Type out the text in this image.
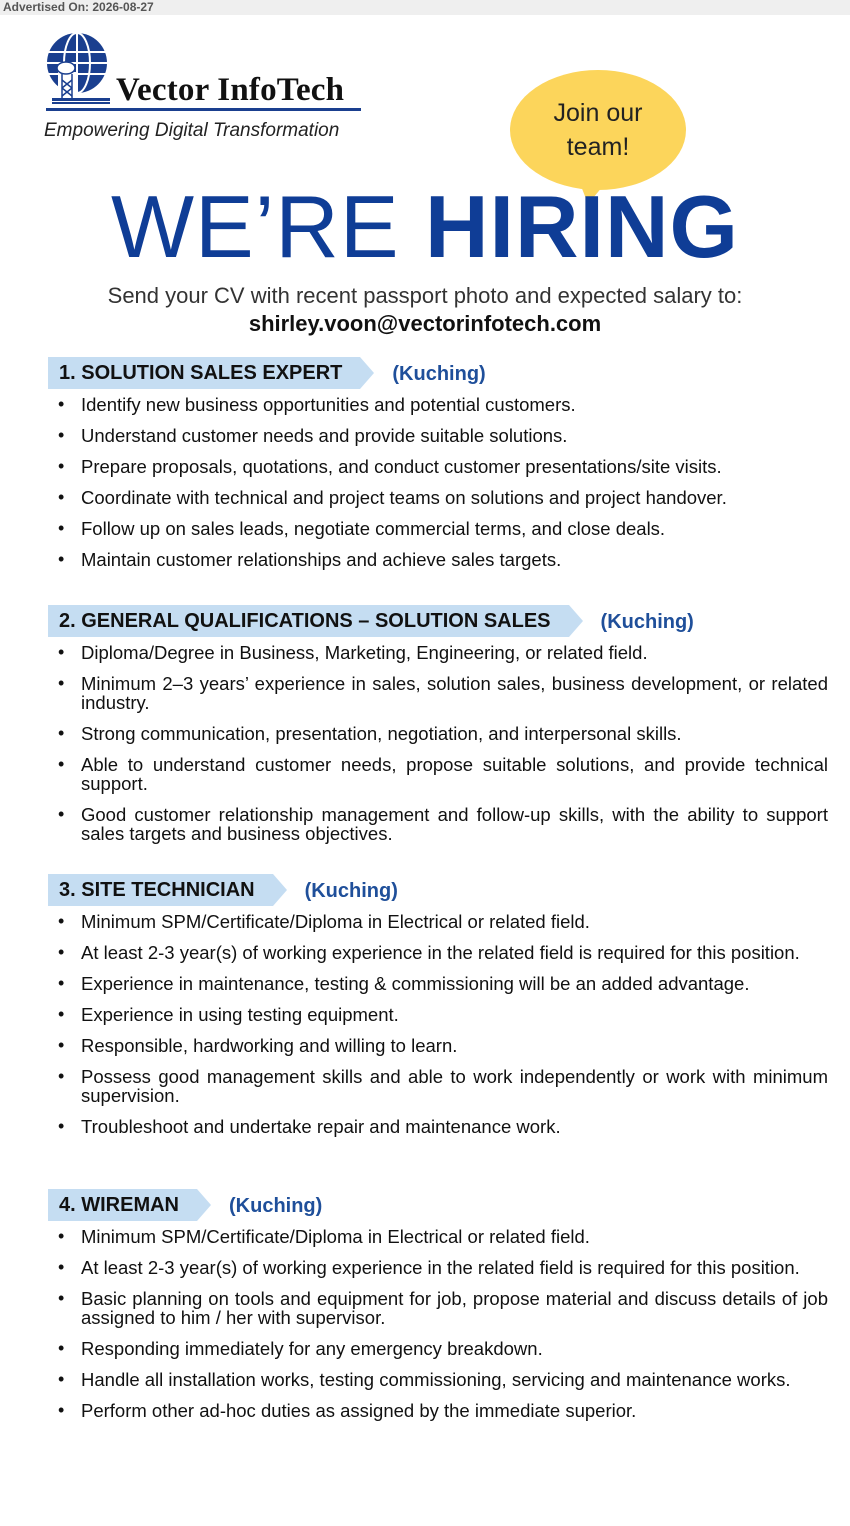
Advertised On: 2026-08-27
Vector InfoTech
Empowering Digital Transformation
Join our
team!
WE’RE HIRING
Send your CV with recent passport photo and expected salary to:
shirley.voon@vectorinfotech.com
1. SOLUTION SALES EXPERT	(Kuching)
• Identify new business opportunities and potential customers.
• Understand customer needs and provide suitable solutions.
• Prepare proposals, quotations, and conduct customer presentations/site visits.
• Coordinate with technical and project teams on solutions and project handover.
• Follow up on sales leads, negotiate commercial terms, and close deals.
• Maintain customer relationships and achieve sales targets.
2. GENERAL QUALIFICATIONS – SOLUTION SALES	(Kuching)
• Diploma/Degree in Business, Marketing, Engineering, or related field.
• Minimum 2–3 years’ experience in sales, solution sales, business development, or related industry.
• Strong communication, presentation, negotiation, and interpersonal skills.
• Able to understand customer needs, propose suitable solutions, and provide technical support.
• Good customer relationship management and follow-up skills, with the ability to support sales targets and business objectives.
3. SITE TECHNICIAN	(Kuching)
• Minimum SPM/Certificate/Diploma in Electrical or related field.
• At least 2-3 year(s) of working experience in the related field is required for this position.
• Experience in maintenance, testing & commissioning will be an added advantage.
• Experience in using testing equipment.
• Responsible, hardworking and willing to learn.
• Possess good management skills and able to work independently or work with minimum supervision.
• Troubleshoot and undertake repair and maintenance work.
4. WIREMAN	(Kuching)
• Minimum SPM/Certificate/Diploma in Electrical or related field.
• At least 2-3 year(s) of working experience in the related field is required for this position.
• Basic planning on tools and equipment for job, propose material and discuss details of job assigned to him / her with supervisor.
• Responding immediately for any emergency breakdown.
• Handle all installation works, testing commissioning, servicing and maintenance works.
• Perform other ad-hoc duties as assigned by the immediate superior.
